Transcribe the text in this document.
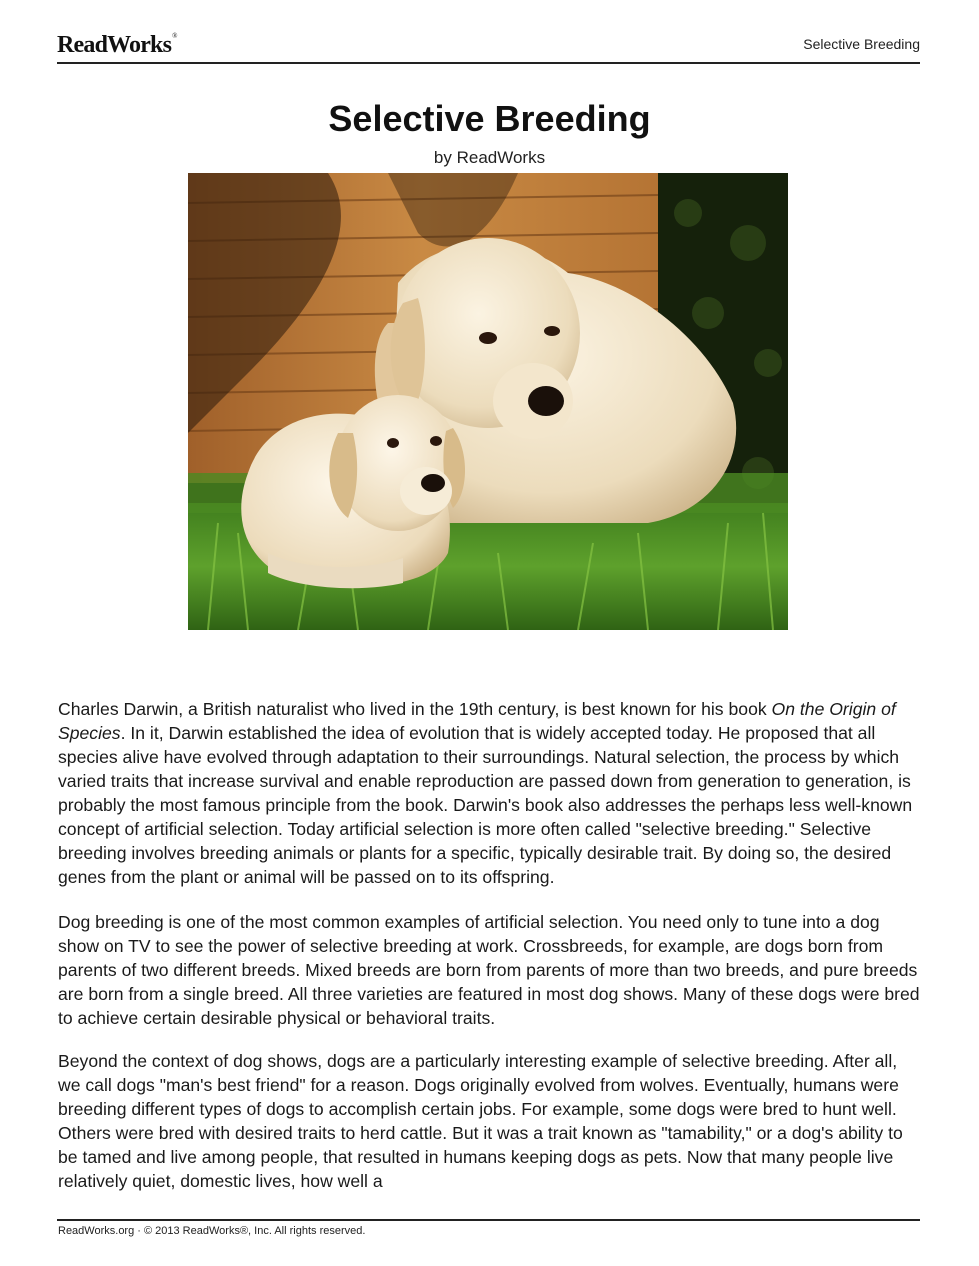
ReadWorks®	Selective Breeding
Selective Breeding
by ReadWorks

Charles Darwin, a British naturalist who lived in the 19th century, is best known for his book On the Origin of Species. In it, Darwin established the idea of evolution that is widely accepted today. He proposed that all species alive have evolved through adaptation to their surroundings. Natural selection, the process by which varied traits that increase survival and enable reproduction are passed down from generation to generation, is probably the most famous principle from the book. Darwin's book also addresses the perhaps less well-known concept of artificial selection. Today artificial selection is more often called "selective breeding." Selective breeding involves breeding animals or plants for a specific, typically desirable trait. By doing so, the desired genes from the plant or animal will be passed on to its offspring.

Dog breeding is one of the most common examples of artificial selection. You need only to tune into a dog show on TV to see the power of selective breeding at work. Crossbreeds, for example, are dogs born from parents of two different breeds. Mixed breeds are born from parents of more than two breeds, and pure breeds are born from a single breed. All three varieties are featured in most dog shows. Many of these dogs were bred to achieve certain desirable physical or behavioral traits.

Beyond the context of dog shows, dogs are a particularly interesting example of selective breeding. After all, we call dogs "man's best friend" for a reason. Dogs originally evolved from wolves. Eventually, humans were breeding different types of dogs to accomplish certain jobs. For example, some dogs were bred to hunt well. Others were bred with desired traits to herd cattle. But it was a trait known as "tamability," or a dog's ability to be tamed and live among people, that resulted in humans keeping dogs as pets. Now that many people live relatively quiet, domestic lives, how well a

ReadWorks.org · © 2013 ReadWorks®, Inc. All rights reserved.
